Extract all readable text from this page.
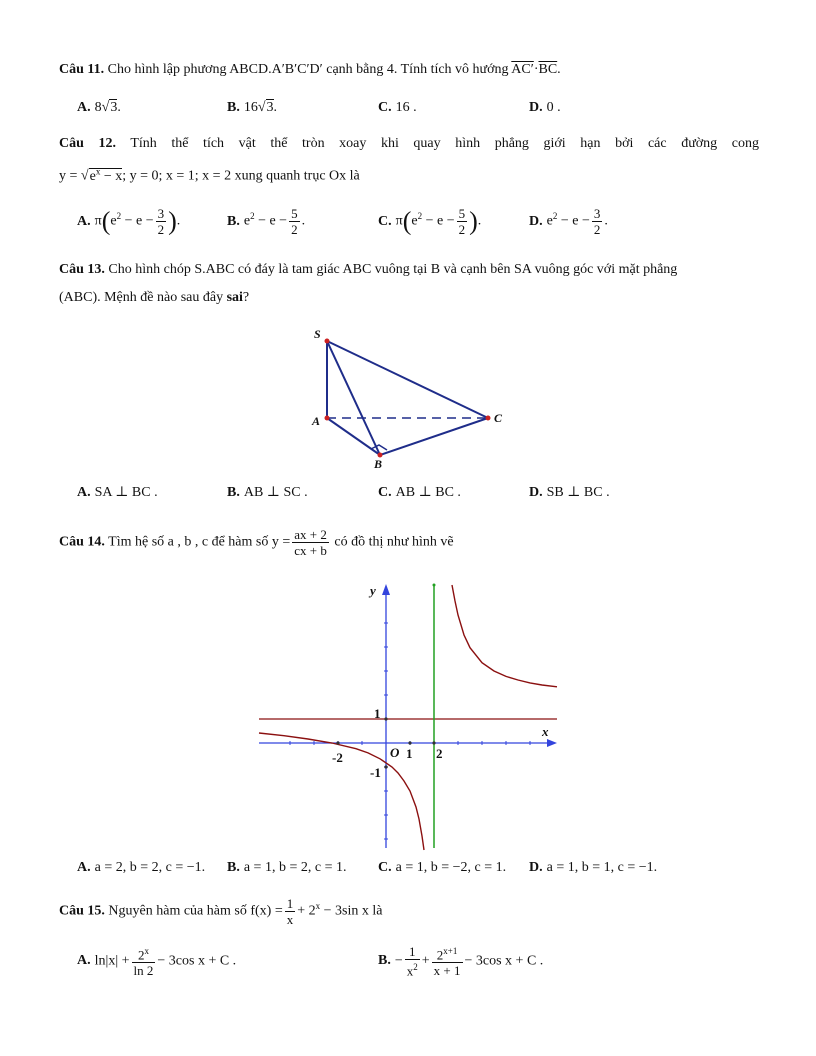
Câu 11. Cho hình lập phương ABCD.A′B′C′D′ cạnh bằng 4. Tính tích vô hướng $AC'\cdot\overline{BC}$.
A. 8√3.	B. 16√3.	C. 16 .	D. 0 .
Câu 12. Tính thể tích vật thể tròn xoay khi quay hình phẳng giới hạn bởi các đường cong
$y = √e^x - x$; y = 0; x = 1; x = 2 xung quanh trục Ox là
A. $\pi(e^2 - e - \frac{3}{2}$ ).	B. $e^2 - e - \frac{5}{2}$ .	C. $\pi(e^2 - e - \frac{5}{2}$ ).	D. $e^2 - e - \frac{3}{2}$ .
Câu 13. Cho hình chóp S.ABC có đáy là tam giác ABC vuông tại B và cạnh bên SA vuông góc với mặt phẳng
(ABC). Mệnh đề nào sau đây sai?
S
A
B
C
A. SA ⊥ BC .	B. AB ⊥ SC .	C. AB ⊥ BC .	D. SB ⊥ BC .
Câu 14. Tìm hệ số a , b , c để hàm số $y = \frac{ax + 2}{cx + b}$ có đồ thị như hình vẽ
y
x
O 1 2
-2
1
-1
A. a = 2, b = 2, c = −1. B. a = 1, b = 2, c = 1. C. a = 1, b = −2, c = 1. D. a = 1, b = 1, c = −1.
Câu 15. Nguyên hàm của hàm số $f(x) = \frac{1}{x} + 2^x - 3\sin$ x là
A. $\ln|x| + \frac{2^x}{\ln 2} - 3\cos$ x + C .	B. − $\frac{1}{x^2} + \frac{2^{x+1}}{x + 1} - 3\cos$ x + C .
